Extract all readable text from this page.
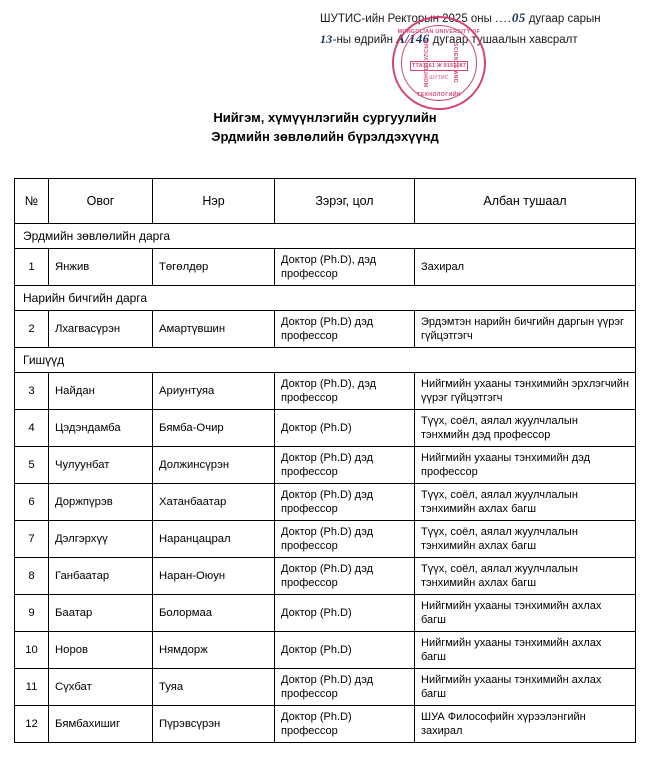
ШУТИС-ийн Ректорын 2025 оны ....05 дугаар сарын
13-ны өдрийн A/146 дугаар тушаалын хавсралт
MONGOLIAN UNIVERSITY OF
МОНГОЛ УЛСЫН	SCIENCE AND
ТЕХНОЛОГИЙН
ТТА1161 Ж 9157087
ШУТИС
Нийгэм, хүмүүнлэгийн сургуулийн
Эрдмийн зөвлөлийн бүрэлдэхүүнд
№	Овог	Нэр	Зэрэг, цол	Албан тушаал
Эрдмийн зөвлөлийн дарга				
1	Янжив	Төгөлдөр	Доктор (Ph.D), дэд профессор	Захирал
Нарийн бичгийн дарга				
2	Лхагвасүрэн	Амартүвшин	Доктор (Ph.D) дэд профессор	Эрдэмтэн нарийн бичгийн даргын үүрэг гүйцэтгэгч
Гишүүд				
3	Найдан	Ариунтуяа	Доктор (Ph.D), дэд профессор	Нийгмийн ухааны тэнхимийн эрхлэгчийн үүрэг гүйцэтгэгч
4	Цэдэндамба	Бямба-Очир	Доктор (Ph.D)	Түүх, соёл, аялал жуулчлалын тэнхмийн дэд профессор
5	Чулуунбат	Должинсүрэн	Доктор (Ph.D) дэд профессор	Нийгмийн ухааны тэнхимийн дэд профессор
6	Доржпүрэв	Хатанбаатар	Доктор (Ph.D) дэд профессор	Түүх, соёл, аялал жуулчлалын тэнхимийн ахлах багш
7	Дэлгэрхүү	Наранцацрал	Доктор (Ph.D) дэд профессор	Түүх, соёл, аялал жуулчлалын тэнхимийн ахлах багш
8	Ганбаатар	Наран-Оюун	Доктор (Ph.D) дэд профессор	Түүх, соёл, аялал жуулчлалын тэнхимийн ахлах багш
9	Баатар	Болормаа	Доктор (Ph.D)	Нийгмийн ухааны тэнхимийн ахлах багш
10	Норов	Нямдорж	Доктор (Ph.D)	Нийгмийн ухааны тэнхимийн ахлах багш
11	Сүхбат	Туяа	Доктор (Ph.D) дэд профессор	Нийгмийн ухааны тэнхимийн ахлах багш
12	Бямбахишиг	Пүрэвсүрэн	Доктор (Ph.D) профессор	ШУА Философийн хүрээлэнгийн захирал
